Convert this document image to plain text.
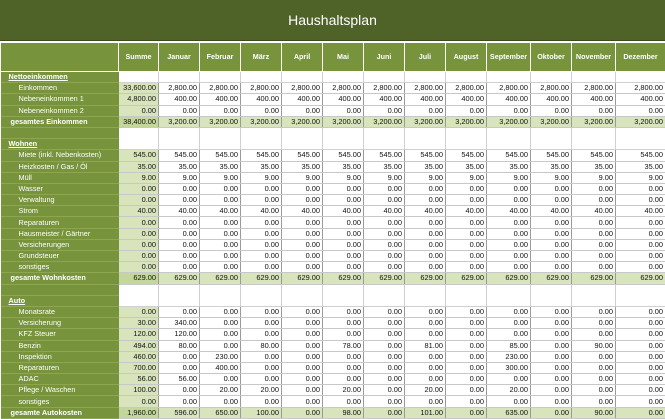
Haushaltsplan
	Summe	Januar	Februar	März	April	Mai	Juni	Juli	August	September	Oktober	November	Dezember
Nettoeinkommen													
Einkommen	33,600.00	2,800.00	2,800.00	2,800.00	2,800.00	2,800.00	2,800.00	2,800.00	2,800.00	2,800.00	2,800.00	2,800.00	2,800.00
Nebeneinkommen 1	4,800.00	400.00	400.00	400.00	400.00	400.00	400.00	400.00	400.00	400.00	400.00	400.00	400.00
Nebeneinkommen 2	0.00	0.00	0.00	0.00	0.00	0.00	0.00	0.00	0.00	0.00	0.00	0.00	0.00
gesamtes Einkommen	38,400.00	3,200.00	3,200.00	3,200.00	3,200.00	3,200.00	3,200.00	3,200.00	3,200.00	3,200.00	3,200.00	3,200.00	3,200.00

Wohnen													
Miete (inkl. Nebenkosten)	545.00	545.00	545.00	545.00	545.00	545.00	545.00	545.00	545.00	545.00	545.00	545.00	545.00
Heizkosten / Gas / Öl	35.00	35.00	35.00	35.00	35.00	35.00	35.00	35.00	35.00	35.00	35.00	35.00	35.00
Müll	9.00	9.00	9.00	9.00	9.00	9.00	9.00	9.00	9.00	9.00	9.00	9.00	9.00
Wasser	0.00	0.00	0.00	0.00	0.00	0.00	0.00	0.00	0.00	0.00	0.00	0.00	0.00
Verwaltung	0.00	0.00	0.00	0.00	0.00	0.00	0.00	0.00	0.00	0.00	0.00	0.00	0.00
Strom	40.00	40.00	40.00	40.00	40.00	40.00	40.00	40.00	40.00	40.00	40.00	40.00	40.00
Reparaturen	0.00	0.00	0.00	0.00	0.00	0.00	0.00	0.00	0.00	0.00	0.00	0.00	0.00
Hausmeister / Gärtner	0.00	0.00	0.00	0.00	0.00	0.00	0.00	0.00	0.00	0.00	0.00	0.00	0.00
Versicherungen	0.00	0.00	0.00	0.00	0.00	0.00	0.00	0.00	0.00	0.00	0.00	0.00	0.00
Grundsteuer	0.00	0.00	0.00	0.00	0.00	0.00	0.00	0.00	0.00	0.00	0.00	0.00	0.00
sonstiges	0.00	0.00	0.00	0.00	0.00	0.00	0.00	0.00	0.00	0.00	0.00	0.00	0.00
gesamte Wohnkosten	629.00	629.00	629.00	629.00	629.00	629.00	629.00	629.00	629.00	629.00	629.00	629.00	629.00

Auto													
Monatsrate	0.00	0.00	0.00	0.00	0.00	0.00	0.00	0.00	0.00	0.00	0.00	0.00	0.00
Versicherung	30.00	340.00	0.00	0.00	0.00	0.00	0.00	0.00	0.00	0.00	0.00	0.00	0.00
KFZ Steuer	120.00	120.00	0.00	0.00	0.00	0.00	0.00	0.00	0.00	0.00	0.00	0.00	0.00
Benzin	494.00	80.00	0.00	80.00	0.00	78.00	0.00	81.00	0.00	85.00	0.00	90.00	0.00
Inspektion	460.00	0.00	230.00	0.00	0.00	0.00	0.00	0.00	0.00	230.00	0.00	0.00	0.00
Reparaturen	700.00	0.00	400.00	0.00	0.00	0.00	0.00	0.00	0.00	300.00	0.00	0.00	0.00
ADAC	56.00	56.00	0.00	0.00	0.00	0.00	0.00	0.00	0.00	0.00	0.00	0.00	0.00
Pflege / Waschen	100.00	0.00	20.00	20.00	0.00	20.00	0.00	20.00	0.00	20.00	0.00	0.00	0.00
sonstiges	0.00	0.00	0.00	0.00	0.00	0.00	0.00	0.00	0.00	0.00	0.00	0.00	0.00
gesamte Autokosten	1,960.00	596.00	650.00	100.00	0.00	98.00	0.00	101.00	0.00	635.00	0.00	90.00	0.00
